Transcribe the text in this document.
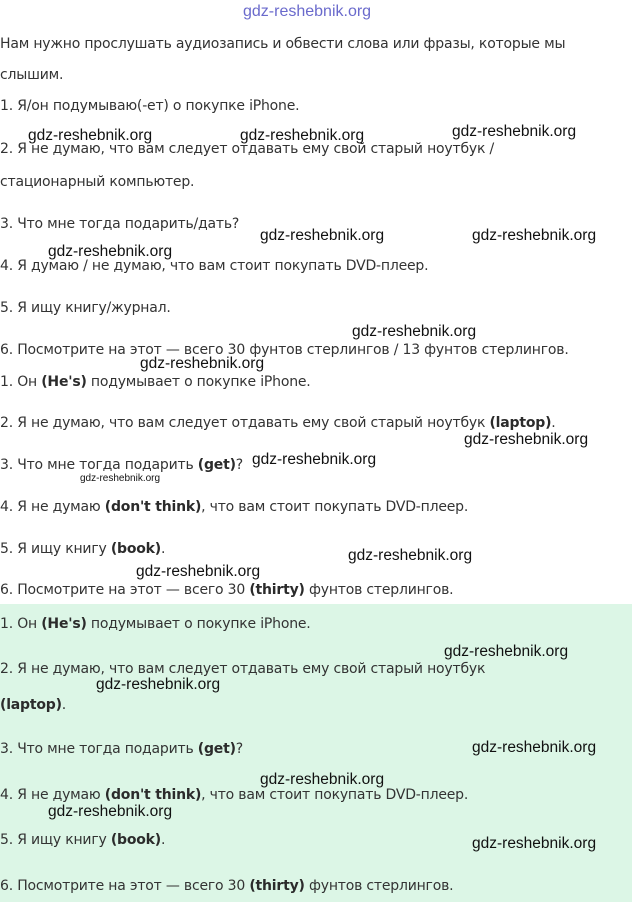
gdz-reshebnik.org

Нам нужно прослушать аудиозапись и обвести слова или фразы, которые мы

слышим.

1. Я/он подумываю(-ет) о покупке iPhone.

2. Я не думаю, что вам следует отдавать ему свой старый ноутбук /

стационарный компьютер.

3. Что мне тогда подарить/дать?

4. Я думаю / не думаю, что вам стоит покупать DVD-плеер.

5. Я ищу книгу/журнал.

6. Посмотрите на этот — всего 30 фунтов стерлингов / 13 фунтов стерлингов.

1. Он (He's) подумывает о покупке iPhone.

2. Я не думаю, что вам следует отдавать ему свой старый ноутбук (laptop).

3. Что мне тогда подарить (get)?

4. Я не думаю (don't think), что вам стоит покупать DVD-плеер.

5. Я ищу книгу (book).

6. Посмотрите на этот — всего 30 (thirty) фунтов стерлингов.

1. Он (He's) подумывает о покупке iPhone.

2. Я не думаю, что вам следует отдавать ему свой старый ноутбук

(laptop).

3. Что мне тогда подарить (get)?

4. Я не думаю (don't think), что вам стоит покупать DVD-плеер.

5. Я ищу книгу (book).

6. Посмотрите на этот — всего 30 (thirty) фунтов стерлингов.

gdz-reshebnik.org	gdz-reshebnik.org	gdz-reshebnik.org

gdz-reshebnik.org	gdz-reshebnik.org

gdz-reshebnik.org

gdz-reshebnik.org

gdz-reshebnik.org

gdz-reshebnik.org

gdz-reshebnik.org

gdz-reshebnik.org

gdz-reshebnik.org

gdz-reshebnik.org

gdz-reshebnik.org

gdz-reshebnik.org

gdz-reshebnik.org

gdz-reshebnik.org

gdz-reshebnik.org

gdz-reshebnik.org
